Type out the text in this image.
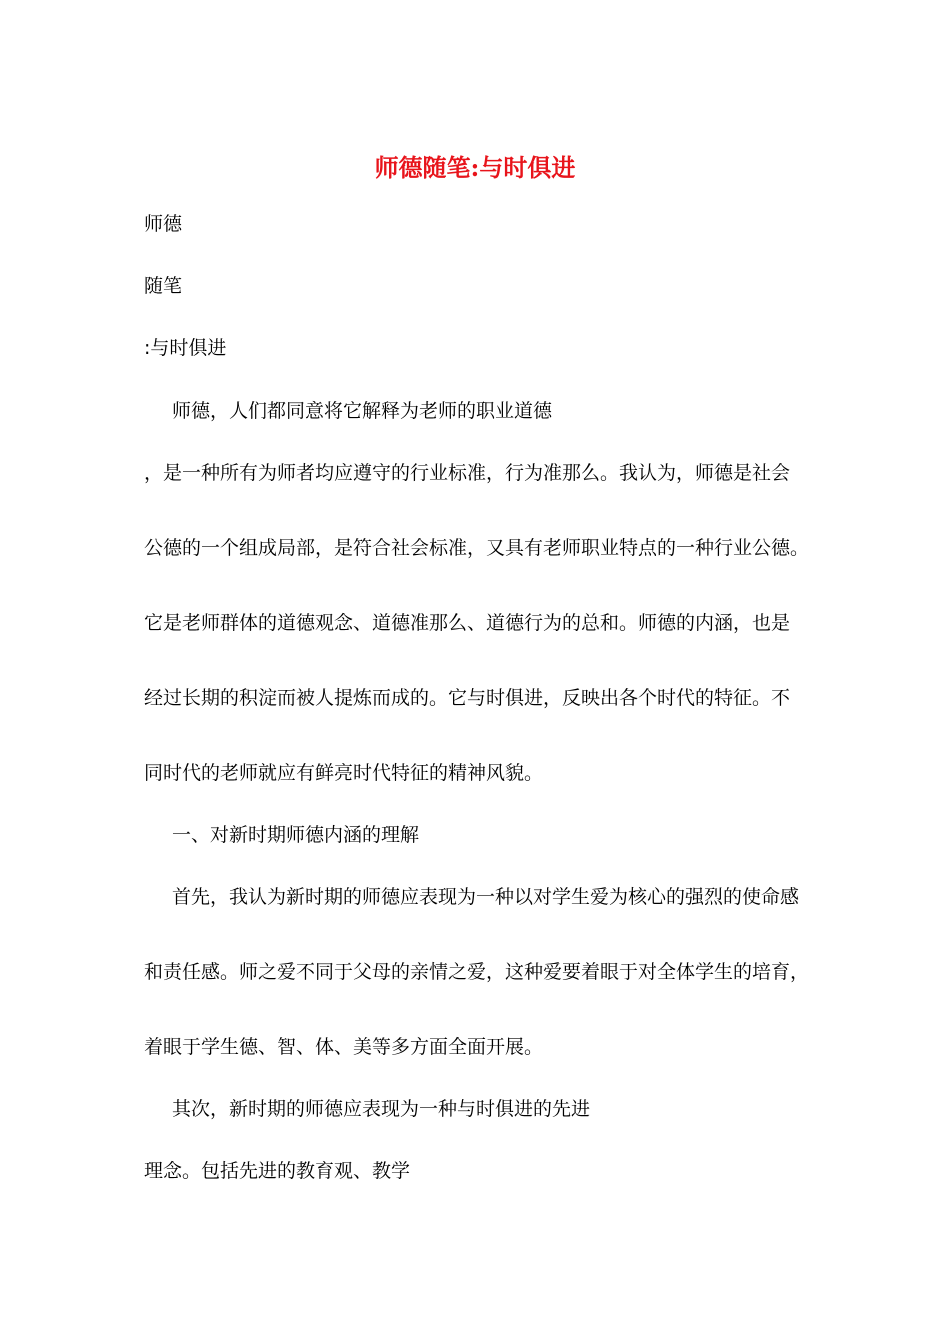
师德随笔:与时俱进
师德
随笔
:与时俱进
师德，人们都同意将它解释为老师的职业道德
，是一种所有为师者均应遵守的行业标准，行为准那么。我认为，师德是社会
公德的一个组成局部，是符合社会标准，又具有老师职业特点的一种行业公德。
它是老师群体的道德观念、道德准那么、道德行为的总和。师德的内涵，也是
经过长期的积淀而被人提炼而成的。它与时俱进，反映出各个时代的特征。不
同时代的老师就应有鲜亮时代特征的精神风貌。
一、对新时期师德内涵的理解
首先，我认为新时期的师德应表现为一种以对学生爱为核心的强烈的使命感
和责任感。师之爱不同于父母的亲情之爱，这种爱要着眼于对全体学生的培育，
着眼于学生德、智、体、美等多方面全面开展。
其次，新时期的师德应表现为一种与时俱进的先进
理念。包括先进的教育观、教学
